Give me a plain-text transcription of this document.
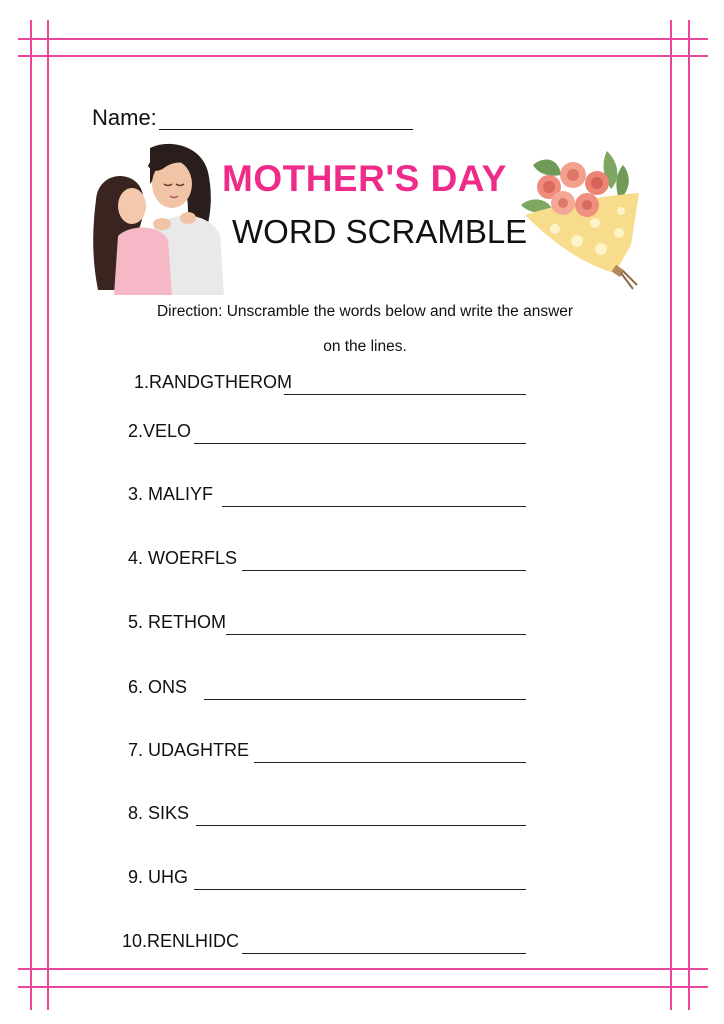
Name:
MOTHER'S DAY
WORD SCRAMBLE
Direction: Unscramble the words below and write the answer
on the lines.
1.RANDGTHEROM
2.VELO
3. MALIYF
4. WOERFLS
5. RETHOM
6. ONS
7. UDAGHTRE
8. SIKS
9. UHG
10.RENLHIDC
